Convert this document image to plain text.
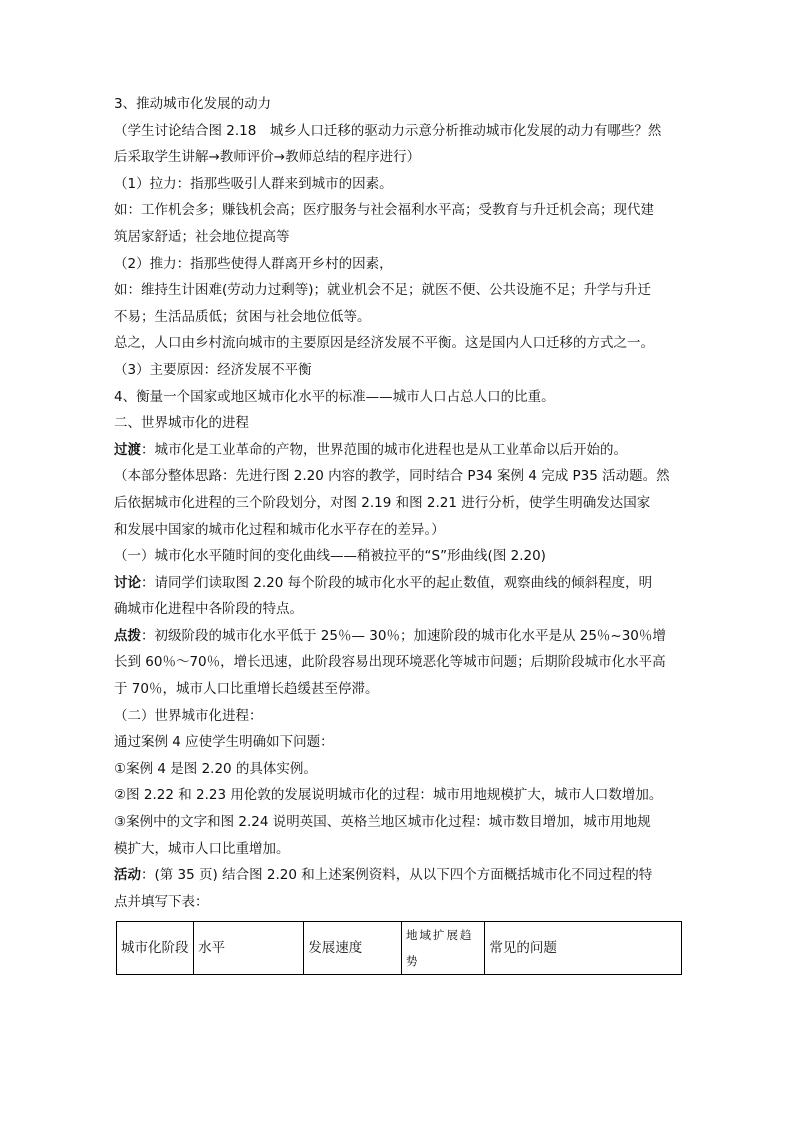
3、推动城市化发展的动力
（学生讨论结合图 2.18　城乡人口迁移的驱动力示意分析推动城市化发展的动力有哪些？然
后采取学生讲解→教师评价→教师总结的程序进行）
（1）拉力：指那些吸引人群来到城市的因素。
如：工作机会多；赚钱机会高；医疗服务与社会福利水平高；受教育与升迁机会高；现代建
筑居家舒适；社会地位提高等
（2）推力：指那些使得人群离开乡村的因素，
如：维持生计困难(劳动力过剩等)；就业机会不足；就医不便、公共设施不足；升学与升迁
不易；生活品质低；贫困与社会地位低等。
总之，人口由乡村流向城市的主要原因是经济发展不平衡。这是国内人口迁移的方式之一。
（3）主要原因：经济发展不平衡
4、衡量一个国家或地区城市化水平的标准——城市人口占总人口的比重。
二、世界城市化的进程
过渡：城市化是工业革命的产物，世界范围的城市化进程也是从工业革命以后开始的。
（本部分整体思路：先进行图 2.20 内容的教学，同时结合 P34 案例 4 完成 P35 活动题。然
后依据城市化进程的三个阶段划分，对图 2.19 和图 2.21 进行分析，使学生明确发达国家
和发展中国家的城市化过程和城市化水平存在的差异。）
（一）城市化水平随时间的变化曲线——稍被拉平的“S”形曲线(图 2.20)
讨论：请同学们读取图 2.20 每个阶段的城市化水平的起止数值，观察曲线的倾斜程度，明
确城市化进程中各阶段的特点。
点拨：初级阶段的城市化水平低于 25％— 30％；加速阶段的城市化水平是从 25％~30％增
长到 60％～70％，增长迅速，此阶段容易出现环境恶化等城市问题；后期阶段城市化水平高
于 70％，城市人口比重增长趋缓甚至停滞。
（二）世界城市化进程：
通过案例 4 应使学生明确如下问题：
①案例 4 是图 2.20 的具体实例。
②图 2.22 和 2.23 用伦敦的发展说明城市化的过程：城市用地规模扩大，城市人口数增加。
③案例中的文字和图 2.24 说明英国、英格兰地区城市化过程：城市数目增加，城市用地规
模扩大，城市人口比重增加。
活动：(第 35 页) 结合图 2.20 和上述案例资料，从以下四个方面概括城市化不同过程的特
点并填写下表：
城市化阶段	水平	发展速度	地域扩展趋势	常见的问题
